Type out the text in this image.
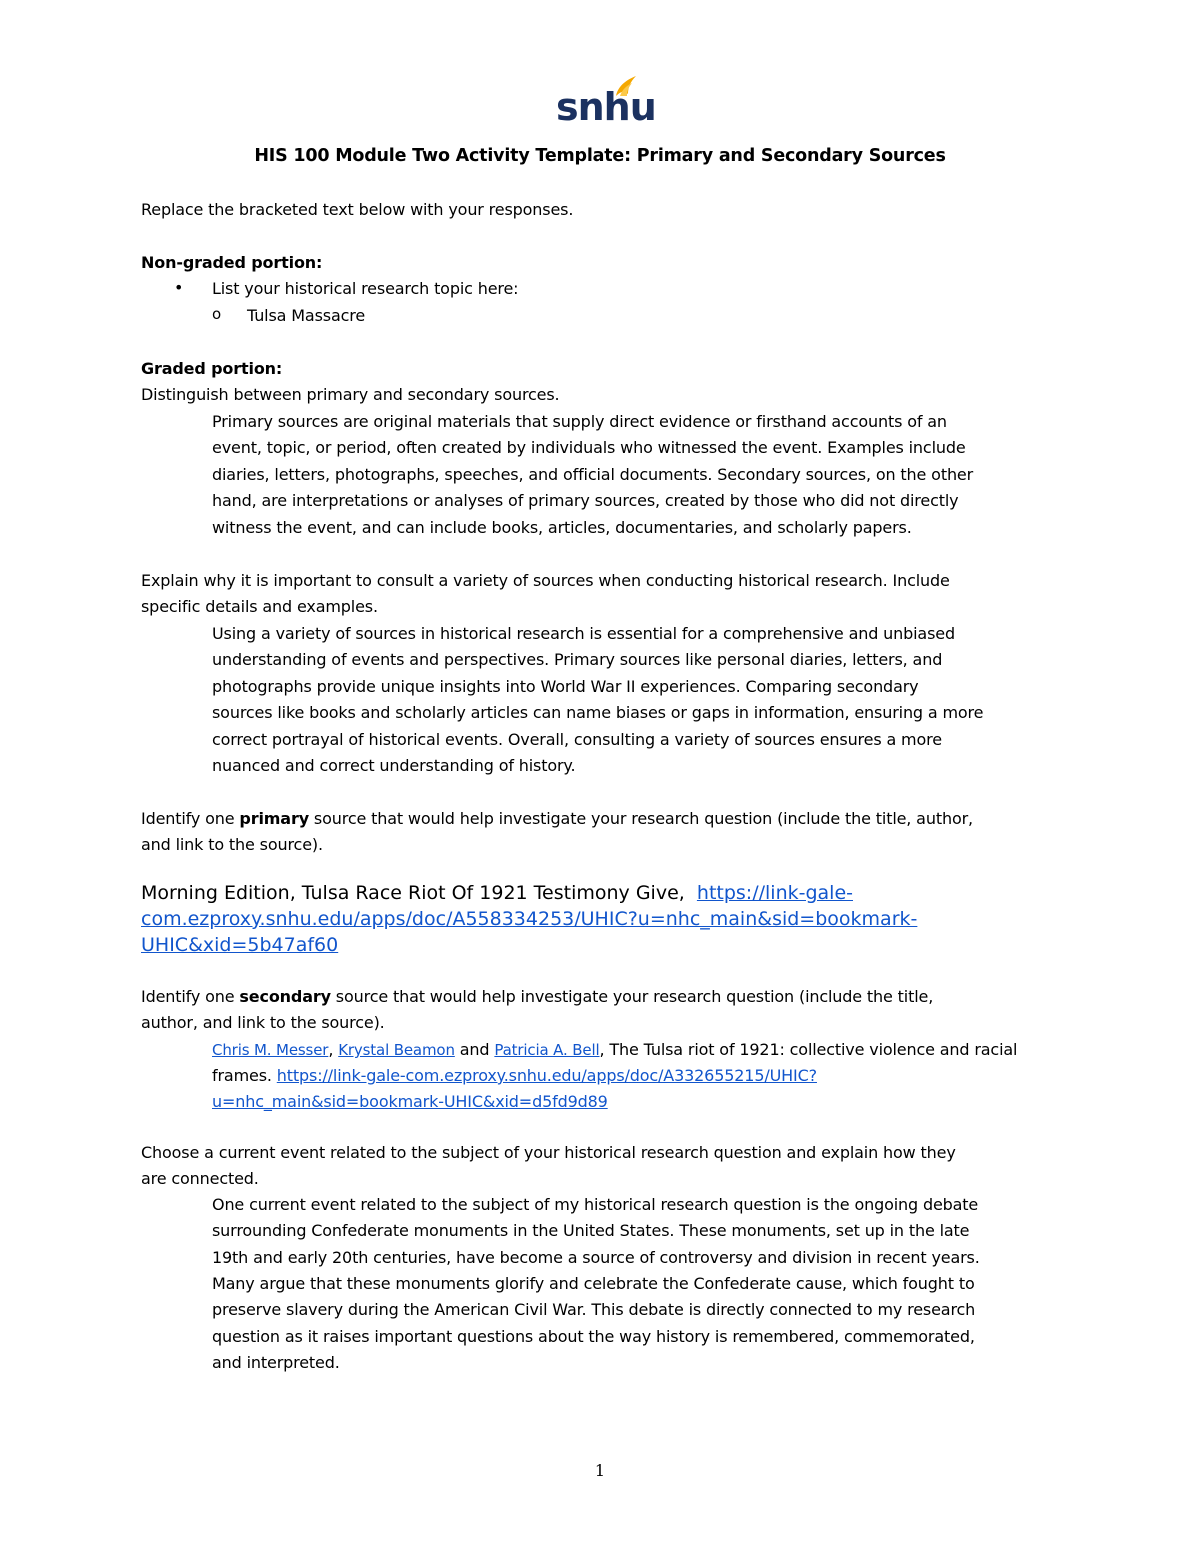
snhu
HIS 100 Module Two Activity Template: Primary and Secondary Sources
Replace the bracketed text below with your responses.
Non-graded portion:
• List your historical research topic here:
o Tulsa Massacre
Graded portion:
Distinguish between primary and secondary sources.
Primary sources are original materials that supply direct evidence or firsthand accounts of an
event, topic, or period, often created by individuals who witnessed the event. Examples include
diaries, letters, photographs, speeches, and official documents. Secondary sources, on the other
hand, are interpretations or analyses of primary sources, created by those who did not directly
witness the event, and can include books, articles, documentaries, and scholarly papers.
Explain why it is important to consult a variety of sources when conducting historical research. Include
specific details and examples.
Using a variety of sources in historical research is essential for a comprehensive and unbiased
understanding of events and perspectives. Primary sources like personal diaries, letters, and
photographs provide unique insights into World War II experiences. Comparing secondary
sources like books and scholarly articles can name biases or gaps in information, ensuring a more
correct portrayal of historical events. Overall, consulting a variety of sources ensures a more
nuanced and correct understanding of history.
Identify one primary source that would help investigate your research question (include the title, author,
and link to the source).
Morning Edition, Tulsa Race Riot Of 1921 Testimony Give, https://link-gale-
com.ezproxy.snhu.edu/apps/doc/A558334253/UHIC?u=nhc_main&sid=bookmark-
UHIC&xid=5b47af60
Identify one secondary source that would help investigate your research question (include the title,
author, and link to the source).
Chris M. Messer, Krystal Beamon and Patricia A. Bell, The Tulsa riot of 1921: collective violence and racial
frames. https://link-gale-com.ezproxy.snhu.edu/apps/doc/A332655215/UHIC?
u=nhc_main&sid=bookmark-UHIC&xid=d5fd9d89
Choose a current event related to the subject of your historical research question and explain how they
are connected.
One current event related to the subject of my historical research question is the ongoing debate
surrounding Confederate monuments in the United States. These monuments, set up in the late
19th and early 20th centuries, have become a source of controversy and division in recent years.
Many argue that these monuments glorify and celebrate the Confederate cause, which fought to
preserve slavery during the American Civil War. This debate is directly connected to my research
question as it raises important questions about the way history is remembered, commemorated,
and interpreted.
1
